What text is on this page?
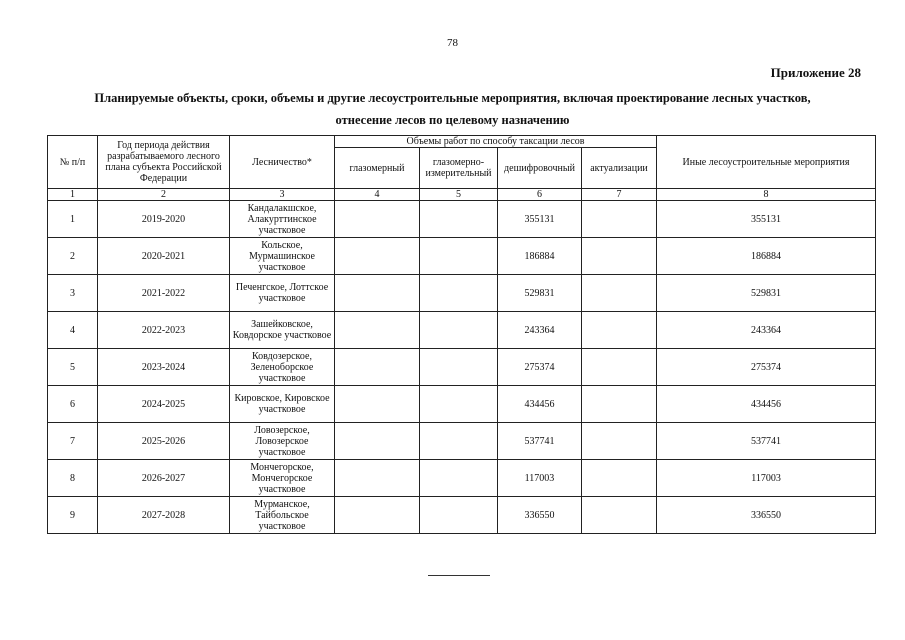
78
Приложение 28
Планируемые объекты, сроки, объемы и другие лесоустроительные мероприятия, включая проектирование лесных участков,
отнесение лесов по целевому назначению
№ п/п	Год периода действия разрабатываемого лесного плана субъекта Российской Федерации	Лесничество*	Объемы работ по способу таксации лесов				Иные лесоустроительные мероприятия
			глазомерный	глазомерно-измерительный	дешифровочный	актуализации	
1	2	3	4	5	6	7	8
1	2019-2020	Кандалакшское, Алакурттинское участковое			355131		355131
2	2020-2021	Кольское, Мурмашинское участковое			186884		186884
3	2021-2022	Печенгское, Лоттское участковое			529831		529831
4	2022-2023	Зашейковское, Ковдорское участковое			243364		243364
5	2023-2024	Ковдозерское, Зеленоборское участковое			275374		275374
6	2024-2025	Кировское, Кировское участковое			434456		434456
7	2025-2026	Ловозерское, Ловозерское участковое			537741		537741
8	2026-2027	Мончегорское, Мончегорское участковое			117003		117003
9	2027-2028	Мурманское, Тайбольское участковое			336550		336550
